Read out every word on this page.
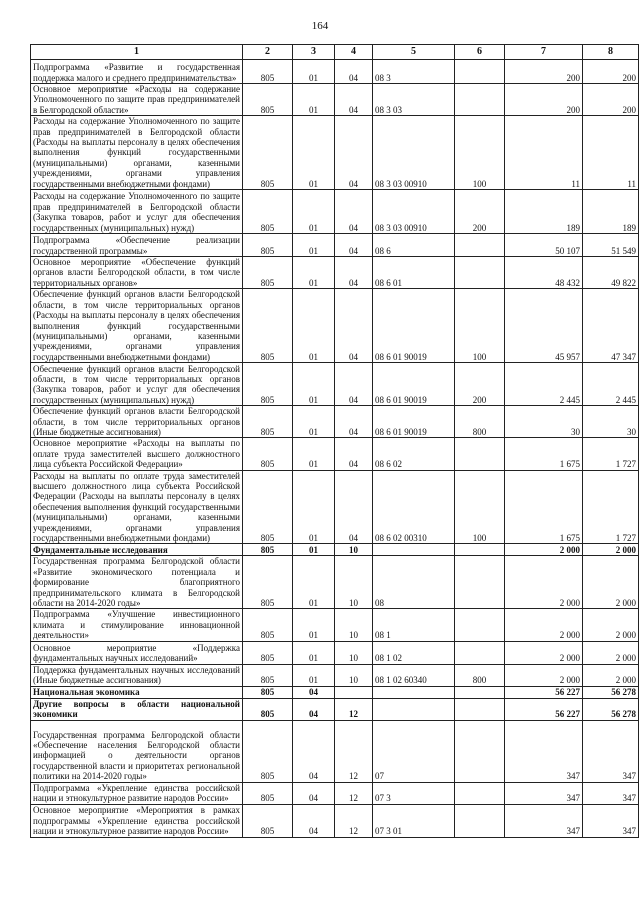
164
1	2	3	4	5	6	7	8
Подпрограмма «Развитие и государственная поддержка малого и среднего предпринимательства»	805	01	04	08 3		200	200
Основное мероприятие «Расходы на содержание Уполномоченного по защите прав предпринимателей в Белгородской области»	805	01	04	08 3 03		200	200
Расходы на содержание Уполномоченного по защите прав предпринимателей в Белгородской области (Расходы на выплаты персоналу в целях обеспечения выполнения функций государственными (муниципальными) органами, казенными учреждениями, органами управления государственными внебюджетными фондами)	805	01	04	08 3 03 00910	100	11	11
Расходы на содержание Уполномоченного по защите прав предпринимателей в Белгородской области (Закупка товаров, работ и услуг для обеспечения государственных (муниципальных) нужд)	805	01	04	08 3 03 00910	200	189	189
Подпрограмма «Обеспечение реализации государственной программы»	805	01	04	08 6		50 107	51 549
Основное мероприятие «Обеспечение функций органов власти Белгородской области, в том числе территориальных органов»	805	01	04	08 6 01		48 432	49 822
Обеспечение функций органов власти Белгородской области, в том числе территориальных органов (Расходы на выплаты персоналу в целях обеспечения выполнения функций государственными (муниципальными) органами, казенными учреждениями, органами управления государственными внебюджетными фондами)	805	01	04	08 6 01 90019	100	45 957	47 347
Обеспечение функций органов власти Белгородской области, в том числе территориальных органов (Закупка товаров, работ и услуг для обеспечения государственных (муниципальных) нужд)	805	01	04	08 6 01 90019	200	2 445	2 445
Обеспечение функций органов власти Белгородской области, в том числе территориальных органов (Иные бюджетные ассигнования)	805	01	04	08 6 01 90019	800	30	30
Основное мероприятие «Расходы на выплаты по оплате труда заместителей высшего должностного лица субъекта Российской Федерации»	805	01	04	08 6 02		1 675	1 727
Расходы на выплаты по оплате труда заместителей высшего должностного лица субъекта Российской Федерации (Расходы на выплаты персоналу в целях обеспечения выполнения функций государственными (муниципальными) органами, казенными учреждениями, органами управления государственными внебюджетными фондами)	805	01	04	08 6 02 00310	100	1 675	1 727
Фундаментальные исследования	805	01	10			2 000	2 000
Государственная программа Белгородской области «Развитие экономического потенциала и формирование благоприятного предпринимательского климата в Белгородской области на 2014-2020 годы»	805	01	10	08		2 000	2 000
Подпрограмма «Улучшение инвестиционного климата и стимулирование инновационной деятельности»	805	01	10	08 1		2 000	2 000
Основное мероприятие «Поддержка фундаментальных научных исследований»	805	01	10	08 1 02		2 000	2 000
Поддержка фундаментальных научных исследований (Иные бюджетные ассигнования)	805	01	10	08 1 02 60340	800	2 000	2 000
Национальная экономика	805	04				56 227	56 278
Другие вопросы в области национальной экономики	805	04	12			56 227	56 278
Государственная программа Белгородской области «Обеспечение населения Белгородской области информацией о деятельности органов государственной власти и приоритетах региональной политики на 2014-2020 годы»	805	04	12	07		347	347
Подпрограмма «Укрепление единства российской нации и этнокультурное развитие народов России»	805	04	12	07 3		347	347
Основное мероприятие «Мероприятия в рамках подпрограммы «Укрепление единства российской нации и этнокультурное развитие народов России»	805	04	12	07 3 01		347	347
